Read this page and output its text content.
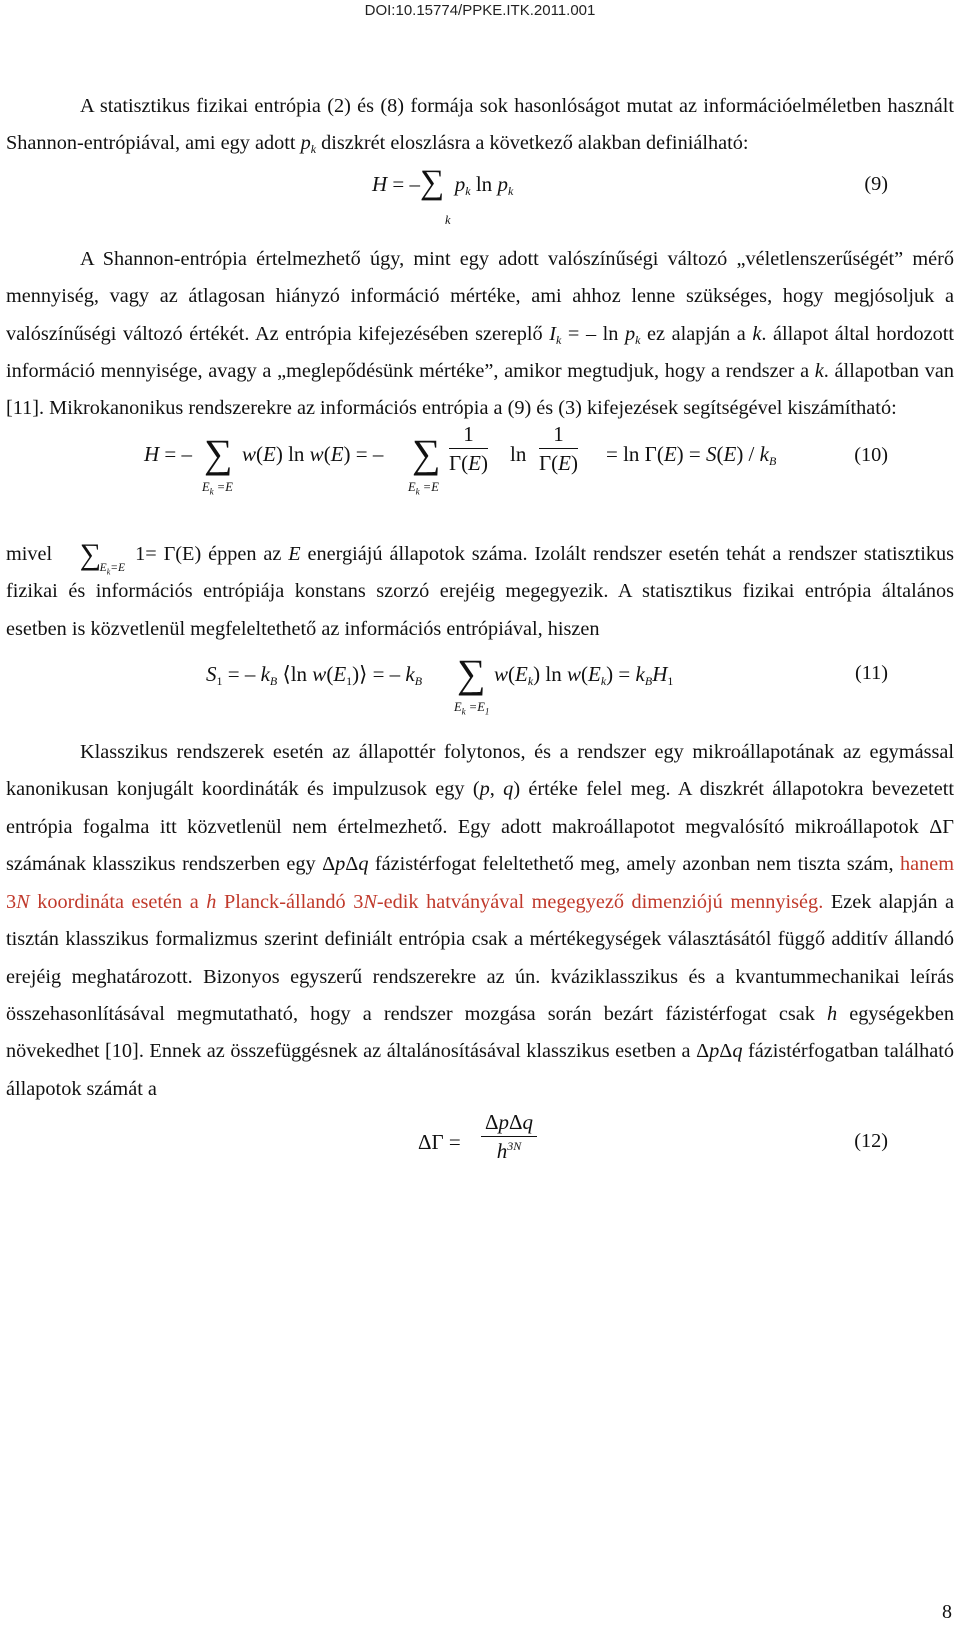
DOI:10.15774/PPKE.ITK.2011.001

A statisztikus fizikai entrópia (2) és (8) formája sok hasonlóságot mutat az információelméletben használt Shannon-entrópiával, ami egy adott $p_k$ diszkrét eloszlásra a következő alakban definiálható:

H = –∑ $p_k$ $\ln p_k$
k
(9)

A Shannon-entrópia értelmezhető úgy, mint egy adott valószínűségi változó „véletlenszerűségét” mérő mennyiség, vagy az átlagosan hiányzó információ mértéke, ami ahhoz lenne szükséges, hogy megjósoljuk a valószínűségi változó értékét. Az entrópia kifejezésében szereplő $I_k$ = – $\ln p_k$ ez alapján a k. állapot által hordozott információ mennyisége, avagy a „meglepődésünk mértéke”, amikor megtudjuk, hogy a rendszer a k. állapotban van [11]. Mikrokanonikus rendszerekre az információs entrópia a (9) és (3) kifejezések segítségével kiszámítható:

H = – ∑
$E_k =E$
w(E) ln w(E) = – ∑
$E_k =E$
$\frac{1}{\Gamma(E)}$ $\ln \frac{1}{\Gamma(E)} = \ln \Gamma(E) = S(E) / k_B$	(10)

mivel ∑
$E_k=E$
1= Γ(E) éppen az E energiájú állapotok száma. Izolált rendszer esetén tehát a rendszer statisztikus fizikai és információs entrópiája konstans szorzó erejéig megegyezik. A statisztikus fizikai entrópia általános esetben is közvetlenül megfeleltethető az információs entrópiával, hiszen

$S_1$ = – $k_B$ ⟨ln $w(E_1)⟩$ = – $k_B$ ∑
$E_k =E_1$
$w(E_k)$ $\ln w(E_k) = k_BH_1$	(11)

Klasszikus rendszerek esetén az állapottér folytonos, és a rendszer egy mikroállapotának az egymással kanonikusan konjugált koordináták és impulzusok egy (p, q) értéke felel meg. A diszkrét állapotokra bevezetett entrópia fogalma itt közvetlenül nem értelmezhető. Egy adott makroállapotot megvalósító mikroállapotok ΔΓ számának klasszikus rendszerben egy ΔpΔq fázistérfogat feleltethető meg, amely azonban nem tiszta szám, hanem 3N koordináta esetén a h Planck-állandó 3N-edik hatványával megegyező dimenziójú mennyiség. Ezek alapján a tisztán klasszikus formalizmus szerint definiált entrópia csak a mértékegységek választásától függő additív állandó erejéig meghatározott. Bizonyos egyszerű rendszerekre az ún. kváziklasszikus és a kvantummechanikai leírás összehasonlításával megmutatható, hogy a rendszer mozgása során bezárt fázistérfogat csak h egységekben növekedhet [10]. Ennek az összefüggésnek az általánosításával klasszikus esetben a ΔpΔq fázistérfogatban található állapotok számát a

$\Delta\Gamma = \frac{\text{ΔpΔq}}{h^{3N}}$	(12)
8
